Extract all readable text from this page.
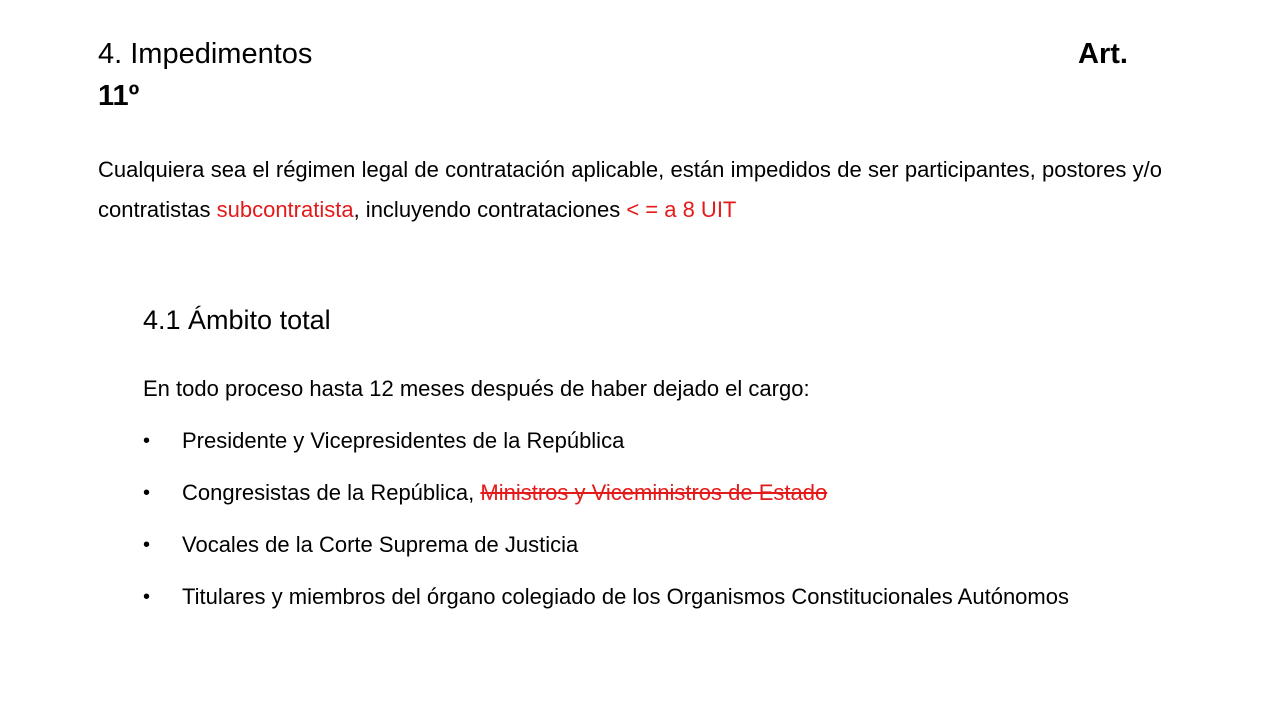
4. Impedimentos	Art.
11º

Cualquiera sea el régimen legal de contratación aplicable, están impedidos de ser participantes, postores y/o contratistas subcontratista, incluyendo contrataciones < = a 8 UIT

4.1 Ámbito total
En todo proceso hasta 12 meses después de haber dejado el cargo:
• Presidente y Vicepresidentes de la República
• Congresistas de la República, Ministros y Viceministros de Estado
• Vocales de la Corte Suprema de Justicia
• Titulares y miembros del órgano colegiado de los Organismos Constitucionales Autónomos
